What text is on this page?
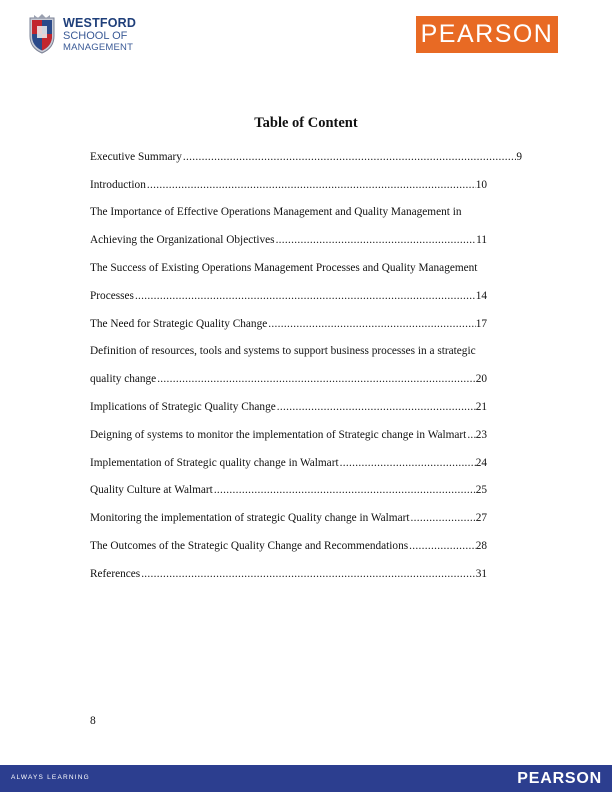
WESTFORD
SCHOOL OF
MANAGEMENT	PEARSON
Table of Content
Executive Summary .....	9
Introduction .....	10
The Importance of Effective Operations Management and Quality Management in
Achieving the Organizational Objectives .....	11
The Success of Existing Operations Management Processes and Quality Management
Processes .....	14
The Need for Strategic Quality Change .....	17
Definition of resources, tools and systems to support business processes in a strategic
quality change .....	20
Implications of Strategic Quality Change .....	21
Deigning of systems to monitor the implementation of Strategic change in Walmart ..... 23
Implementation of Strategic quality change in Walmart .....	24
Quality Culture at Walmart .....	25
Monitoring the implementation of strategic Quality change in Walmart .....	27
The Outcomes of the Strategic Quality Change and Recommendations .....	28
References .....	31
8
ALWAYS LEARNING	PEARSON
